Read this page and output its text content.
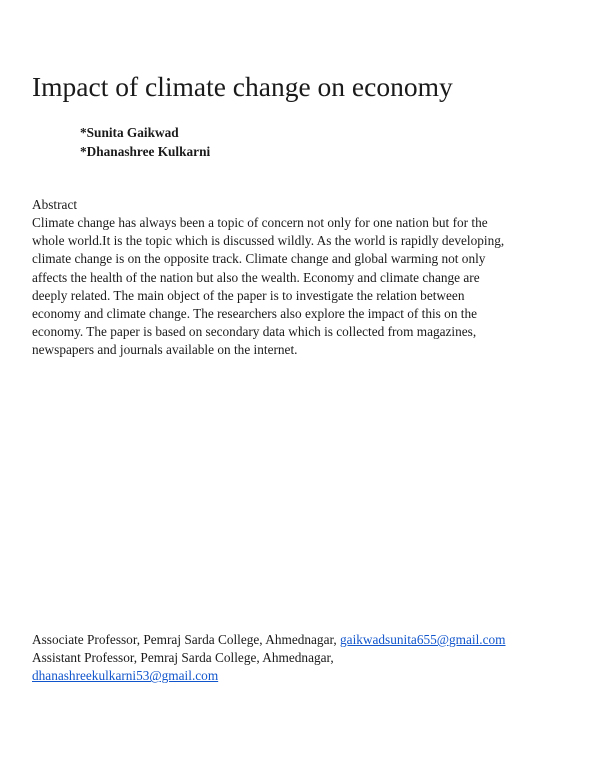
Impact of climate change on economy
*Sunita Gaikwad
*Dhanashree Kulkarni
Abstract
Climate change has always been a topic of concern not only for one nation but for the
whole world.It is the topic which is discussed wildly. As the world is rapidly developing,
climate change is on the opposite track. Climate change and global warming not only
affects the health of the nation but also the wealth. Economy and climate change are
deeply related. The main object of the paper is to investigate the relation between
economy and climate change. The researchers also explore the impact of this on the
economy. The paper is based on secondary data which is collected from magazines,
newspapers and journals available on the internet.
Associate Professor, Pemraj Sarda College, Ahmednagar, gaikwadsunita655@gmail.com
Assistant Professor, Pemraj Sarda College, Ahmednagar,
dhanashreekulkarni53@gmail.com
